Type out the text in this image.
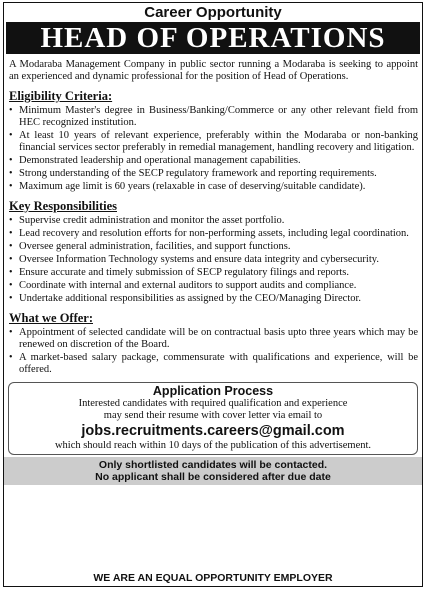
Career Opportunity
HEAD OF OPERATIONS

A Modaraba Management Company in public sector running a Modaraba is seeking to appoint an experienced and dynamic professional for the position of Head of Operations.

Eligibility Criteria:
• Minimum Master's degree in Business/Banking/Commerce or any other relevant field from HEC recognized institution.
• At least 10 years of relevant experience, preferably within the Modaraba or non-banking financial services sector preferably in remedial management, handling recovery and litigation.
• Demonstrated leadership and operational management capabilities.
• Strong understanding of the SECP regulatory framework and reporting requirements.
• Maximum age limit is 60 years (relaxable in case of deserving/suitable candidate).
Key Responsibilities
• Supervise credit administration and monitor the asset portfolio.
• Lead recovery and resolution efforts for non-performing assets, including legal coordination.
• Oversee general administration, facilities, and support functions.
• Oversee Information Technology systems and ensure data integrity and cybersecurity.
• Ensure accurate and timely submission of SECP regulatory filings and reports.
• Coordinate with internal and external auditors to support audits and compliance.
• Undertake additional responsibilities as assigned by the CEO/Managing Director.
What we Offer:
• Appointment of selected candidate will be on contractual basis upto three years which may be renewed on discretion of the Board.
• A market-based salary package, commensurate with qualifications and experience, will be offered.
Application Process
Interested candidates with required qualification and experience
may send their resume with cover letter via email to
jobs.recruitments.careers@gmail.com
which should reach within 10 days of the publication of this advertisement.
Only shortlisted candidates will be contacted.
No applicant shall be considered after due date
WE ARE AN EQUAL OPPORTUNITY EMPLOYER
